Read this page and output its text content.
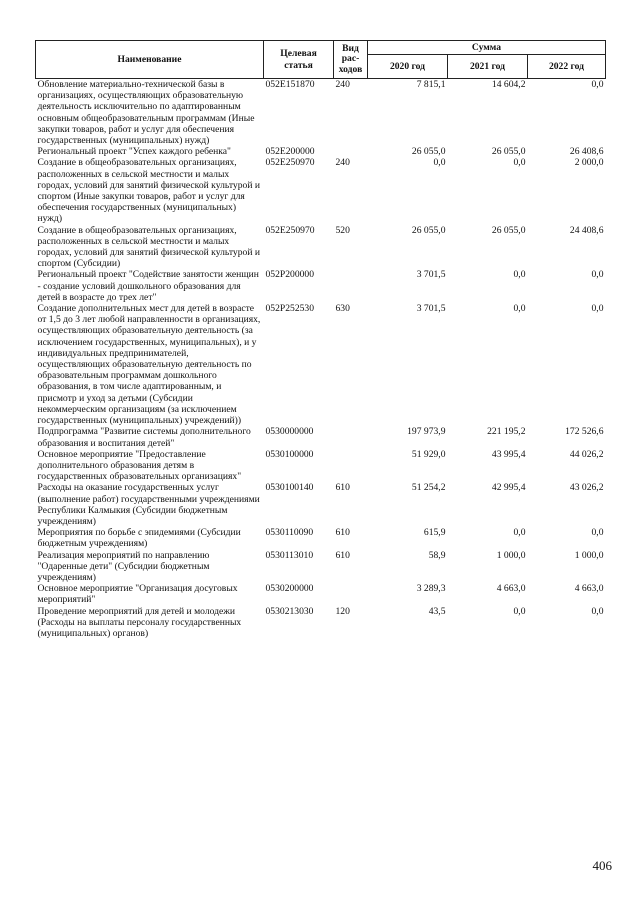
Наименование	Целевая статья	Вид рас-ходов	Сумма		
			2020 год	2021 год	2022 год
Обновление материально-технической базы в организациях, осуществляющих образовательную деятельность исключительно по адаптированным основным общеобразовательным программам (Иные закупки товаров, работ и услуг для обеспечения государственных (муниципальных) нужд)	052E151870	240	7 815,1	14 604,2	0,0
Региональный проект "Успех каждого ребенка"	052E200000		26 055,0	26 055,0	26 408,6
Создание в общеобразовательных организациях, расположенных в сельской местности и малых городах, условий для занятий физической культурой и спортом (Иные закупки товаров, работ и услуг для обеспечения государственных (муниципальных) нужд)	052E250970	240	0,0	0,0	2 000,0
Создание в общеобразовательных организациях, расположенных в сельской местности и малых городах, условий для занятий физической культурой и спортом (Субсидии)	052E250970	520	26 055,0	26 055,0	24 408,6
Региональный проект "Содействие занятости женщин - создание условий дошкольного образования для детей в возрасте до трех лет"	052P200000		3 701,5	0,0	0,0
Создание дополнительных мест для детей в возрасте от 1,5 до 3 лет любой направленности в организациях, осуществляющих образовательную деятельность (за исключением государственных, муниципальных), и у индивидуальных предпринимателей, осуществляющих образовательную деятельность по образовательным программам дошкольного образования, в том числе адаптированным, и присмотр и уход за детьми (Субсидии некоммерческим организациям (за исключением государственных (муниципальных) учреждений))	052P252530	630	3 701,5	0,0	0,0
Подпрограмма "Развитие системы дополнительного образования и воспитания детей"	0530000000		197 973,9	221 195,2	172 526,6
Основное мероприятие "Предоставление дополнительного образования детям в государственных образовательных организациях"	0530100000		51 929,0	43 995,4	44 026,2
Расходы на оказание государственных услуг (выполнение работ) государственными учреждениями Республики Калмыкия (Субсидии бюджетным учреждениям)	0530100140	610	51 254,2	42 995,4	43 026,2
Мероприятия по борьбе с эпидемиями (Субсидии бюджетным учреждениям)	0530110090	610	615,9	0,0	0,0
Реализация мероприятий по направлению "Одаренные дети" (Субсидии бюджетным учреждениям)	0530113010	610	58,9	1 000,0	1 000,0
Основное мероприятие "Организация досуговых мероприятий"	0530200000		3 289,3	4 663,0	4 663,0
Проведение мероприятий для детей и молодежи (Расходы на выплаты персоналу государственных (муниципальных) органов)	0530213030	120	43,5	0,0	0,0
406
